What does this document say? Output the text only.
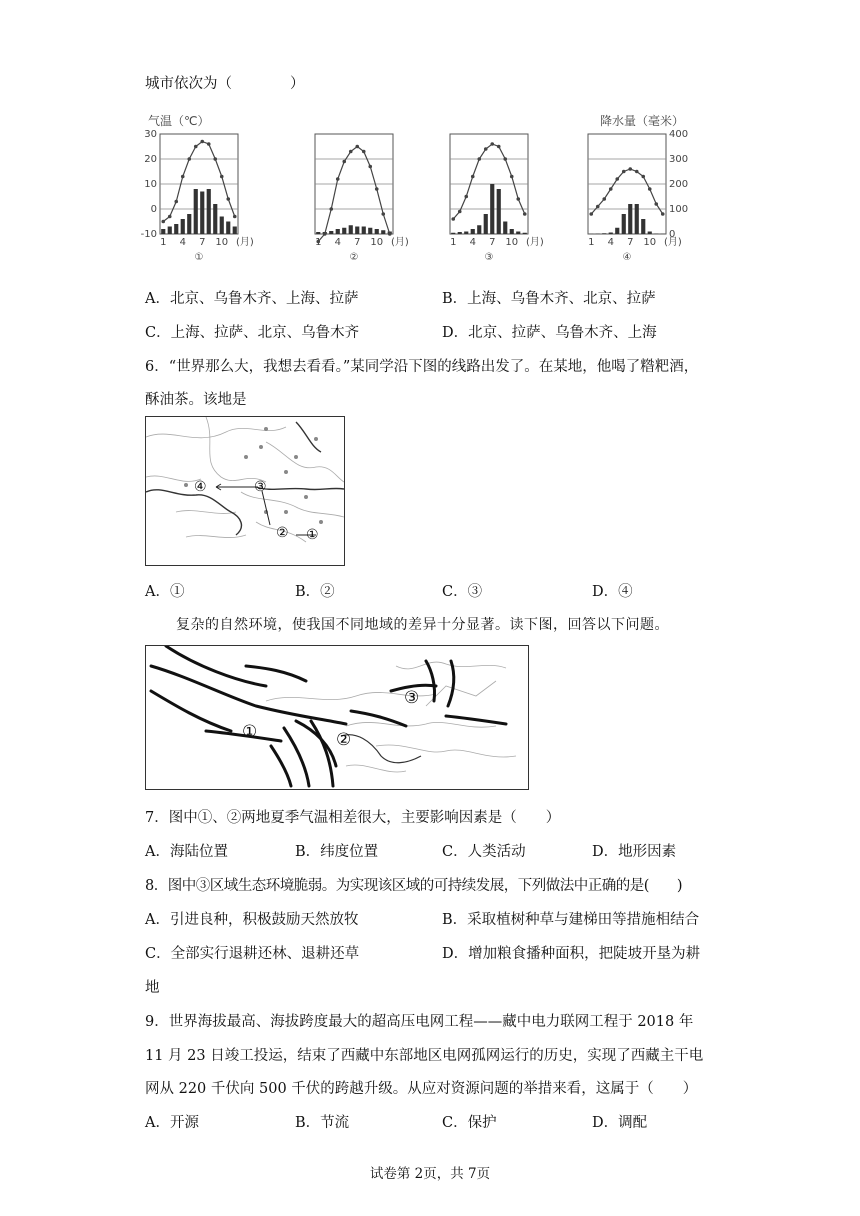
城市依次为（　　　　）
气温（℃）	降水量（毫米）
1 4 7 10 (月)
①
1 4 7 10 (月)
②
1 4 7 10 (月)
③
1 4 7 10 (月)
④
30
20
10
0
-10
400
300
200
100
0
A．北京、乌鲁木齐、上海、拉萨	B．上海、乌鲁木齐、北京、拉萨
C．上海、拉萨、北京、乌鲁木齐	D．北京、拉萨、乌鲁木齐、上海
6．“世界那么大，我想去看看。”某同学沿下图的线路出发了。在某地，他喝了糌粑酒，
酥油茶。该地是
④	③
② ①
A．①	B．②	C．③	D．④
复杂的自然环境，使我国不同地域的差异十分显著。读下图，回答以下问题。
①	②
③
7．图中①、②两地夏季气温相差很大，主要影响因素是（　　）
A．海陆位置	B．纬度位置	C．人类活动	D．地形因素
8．图中③区域生态环境脆弱。为实现该区域的可持续发展，下列做法中正确的是(　　)
A．引进良种，积极鼓励天然放牧	B．采取植树种草与建梯田等措施相结合
C．全部实行退耕还林、退耕还草	D．增加粮食播种面积，把陡坡开垦为耕
地
9．世界海拔最高、海拔跨度最大的超高压电网工程——藏中电力联网工程于 2018 年
11 月 23 日竣工投运，结束了西藏中东部地区电网孤网运行的历史，实现了西藏主干电
网从 220 千伏向 500 千伏的跨越升级。从应对资源问题的举措来看，这属于（　　）
A．开源	B．节流	C．保护	D．调配
试卷第 2页，共 7页
